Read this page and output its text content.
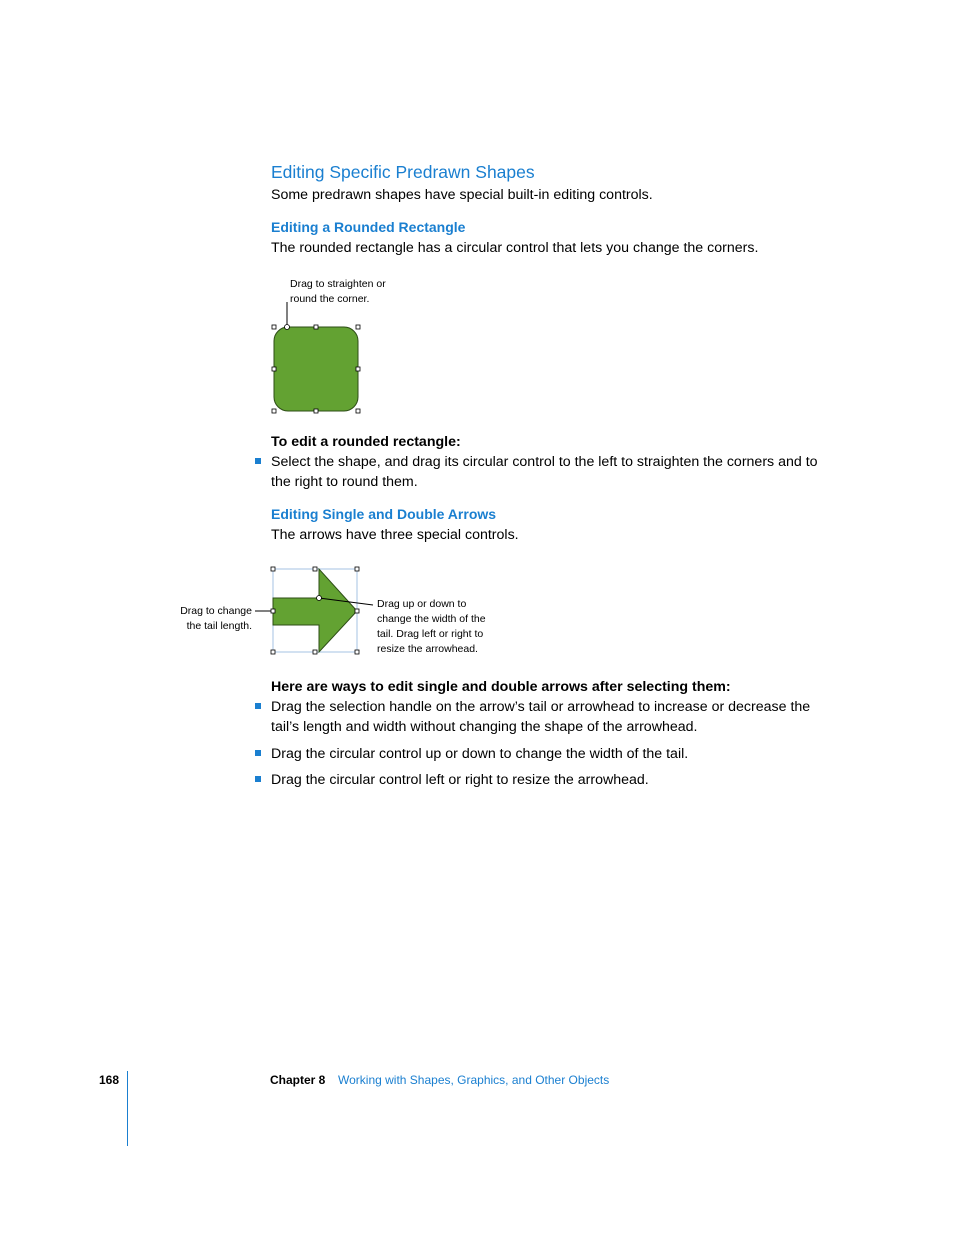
Editing Specific Predrawn Shapes
Some predrawn shapes have special built-in editing controls.
Editing a Rounded Rectangle
The rounded rectangle has a circular control that lets you change the corners.
Drag to straighten or
round the corner.
To edit a rounded rectangle:
Select the shape, and drag its circular control to the left to straighten the corners and to the right to round them.
Editing Single and Double Arrows
The arrows have three special controls.
Drag to change
the tail length.
Drag up or down to
change the width of the
tail. Drag left or right to
resize the arrowhead.
Here are ways to edit single and double arrows after selecting them:
Drag the selection handle on the arrow’s tail or arrowhead to increase or decrease the tail’s length and width without changing the shape of the arrowhead.
Drag the circular control up or down to change the width of the tail.
Drag the circular control left or right to resize the arrowhead.
168	Chapter 8 Working with Shapes, Graphics, and Other Objects
